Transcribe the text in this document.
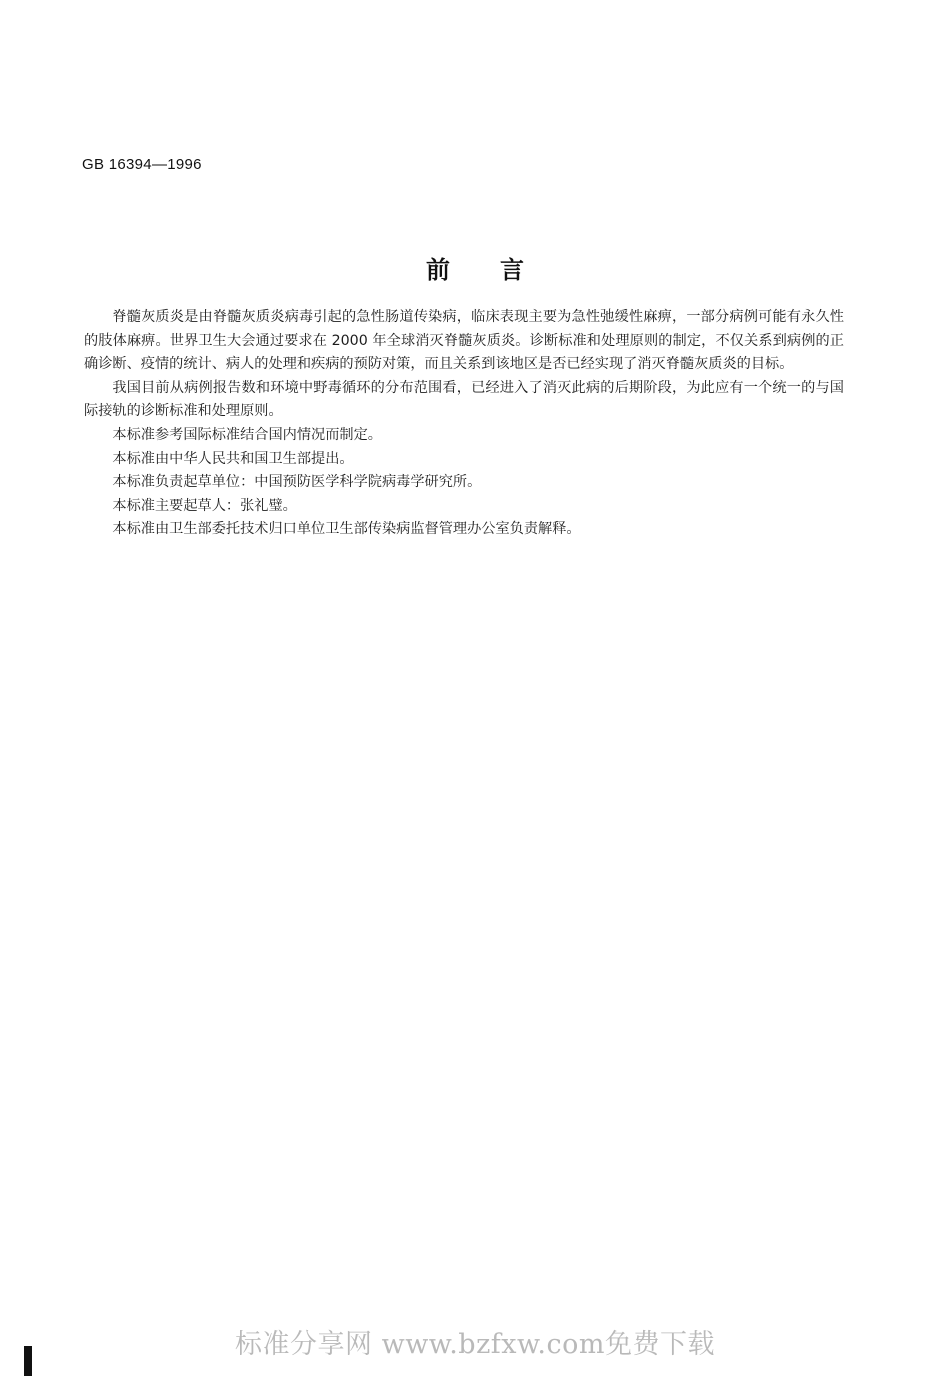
GB 16394—1996
前 言

脊髓灰质炎是由脊髓灰质炎病毒引起的急性肠道传染病，临床表现主要为急性弛缓性麻痹，一部分病例可能有永久性的肢体麻痹。世界卫生大会通过要求在 2000 年全球消灭脊髓灰质炎。诊断标准和处理原则的制定，不仅关系到病例的正确诊断、疫情的统计、病人的处理和疾病的预防对策，而且关系到该地区是否已经实现了消灭脊髓灰质炎的目标。

我国目前从病例报告数和环境中野毒循环的分布范围看，已经进入了消灭此病的后期阶段，为此应有一个统一的与国际接轨的诊断标准和处理原则。

本标准参考国际标准结合国内情况而制定。

本标准由中华人民共和国卫生部提出。

本标准负责起草单位：中国预防医学科学院病毒学研究所。

本标准主要起草人：张礼璧。

本标准由卫生部委托技术归口单位卫生部传染病监督管理办公室负责解释。

标准分享网 www.bzfxw.com免费下载
